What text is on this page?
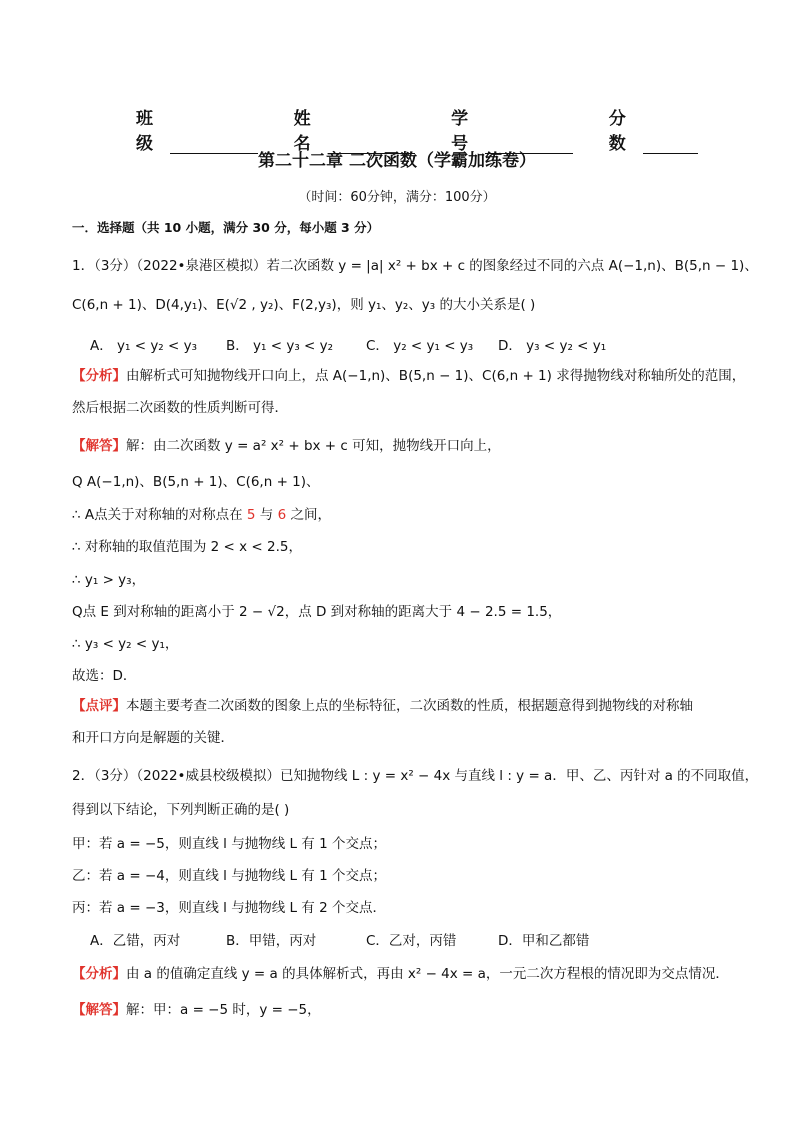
班级
姓名
学号
分数
第二十二章 二次函数（学霸加练卷）
（时间：60分钟，满分：100分）
一．选择题（共 10 小题，满分 30 分，每小题 3 分）
1．（3分）（2022•泉港区模拟）若二次函数 y = |a| x² + bx + c 的图象经过不同的六点 A(−1,n)、B(5,n − 1)、
C(6,n + 1)、D(4,y₁)、E(√2 , y₂)、F(2,y₃)，则 y₁、y₂、y₃ 的大小关系是( )
A． y₁ < y₂ < y₃ B． y₁ < y₃ < y₂ C． y₂ < y₁ < y₃ D． y₃ < y₂ < y₁
【分析】由解析式可知抛物线开口向上，点 A(−1,n)、B(5,n − 1)、C(6,n + 1) 求得抛物线对称轴所处的范围，
然后根据二次函数的性质判断可得．
【解答】解：由二次函数 y = a² x² + bx + c 可知，抛物线开口向上，
Q A(−1,n)、B(5,n + 1)、C(6,n + 1)、
∴ A点关于对称轴的对称点在 5 与 6 之间，
∴ 对称轴的取值范围为 2 < x < 2.5，
∴ y₁ > y₃，
Q点 E 到对称轴的距离小于 2 − √2，点 D 到对称轴的距离大于 4 − 2.5 = 1.5，
∴ y₃ < y₂ < y₁，
故选：D．
【点评】本题主要考查二次函数的图象上点的坐标特征，二次函数的性质，根据题意得到抛物线的对称轴
和开口方向是解题的关键．
2．（3分）（2022•威县校级模拟）已知抛物线 L : y = x² − 4x 与直线 l : y = a．甲、乙、丙针对 a 的不同取值，
得到以下结论，下列判断正确的是( )
甲：若 a = −5，则直线 l 与抛物线 L 有 1 个交点；
乙：若 a = −4，则直线 l 与抛物线 L 有 1 个交点；
丙：若 a = −3，则直线 l 与抛物线 L 有 2 个交点．
A．乙错，丙对	B．甲错，丙对	C．乙对，丙错	D．甲和乙都错
【分析】由 a 的值确定直线 y = a 的具体解析式，再由 x² − 4x = a，一元二次方程根的情况即为交点情况．
【解答】解：甲：a = −5 时，y = −5，
